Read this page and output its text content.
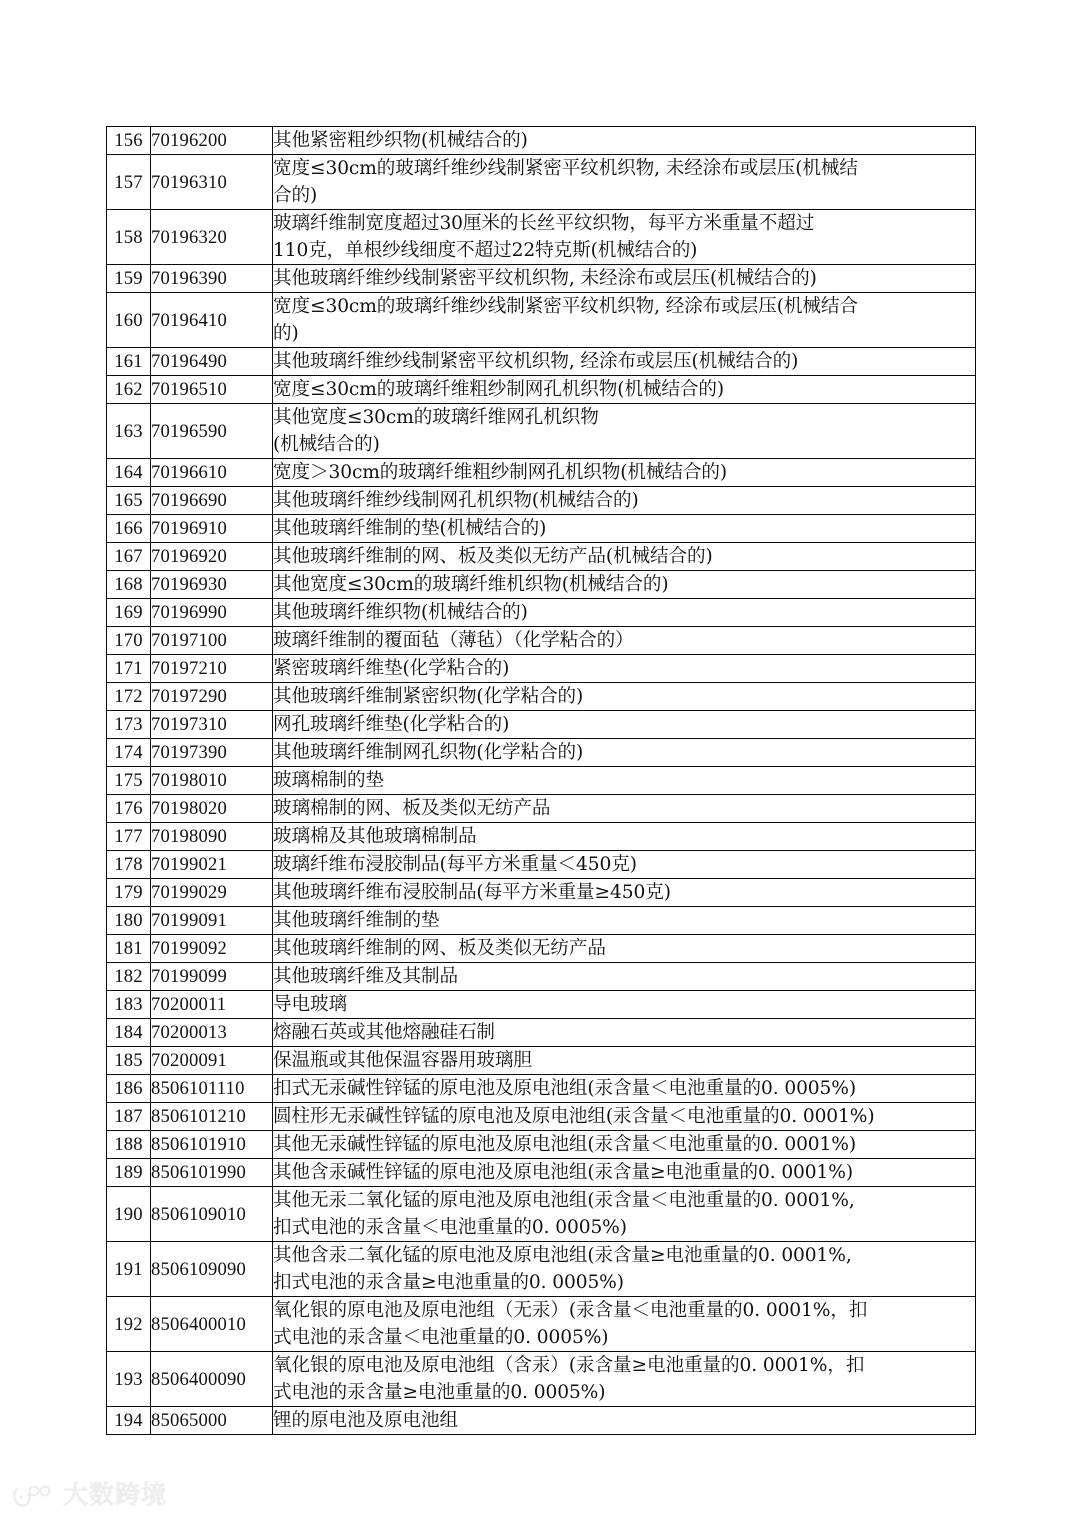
156	70196200	其他紧密粗纱织物(机械结合的)

157	70196310	宽度≤30cm的玻璃纤维纱线制紧密平纹机织物, 未经涂布或层压(机械结
合的)

158	70196320	玻璃纤维制宽度超过30厘米的长丝平纹织物，每平方米重量不超过
110克，单根纱线细度不超过22特克斯(机械结合的)

159	70196390	其他玻璃纤维纱线制紧密平纹机织物, 未经涂布或层压(机械结合的)

160	70196410	宽度≤30cm的玻璃纤维纱线制紧密平纹机织物, 经涂布或层压(机械结合
的)

161	70196490	其他玻璃纤维纱线制紧密平纹机织物, 经涂布或层压(机械结合的)

162	70196510	宽度≤30cm的玻璃纤维粗纱制网孔机织物(机械结合的)

163	70196590	其他宽度≤30cm的玻璃纤维网孔机织物
(机械结合的)

164	70196610	宽度＞30cm的玻璃纤维粗纱制网孔机织物(机械结合的)

165	70196690	其他玻璃纤维纱线制网孔机织物(机械结合的)

166	70196910	其他玻璃纤维制的垫(机械结合的)

167	70196920	其他玻璃纤维制的网、板及类似无纺产品(机械结合的)

168	70196930	其他宽度≤30cm的玻璃纤维机织物(机械结合的)

169	70196990	其他玻璃纤维织物(机械结合的)

170	70197100	玻璃纤维制的覆面毡（薄毡）（化学粘合的）

171	70197210	紧密玻璃纤维垫(化学粘合的)

172	70197290	其他玻璃纤维制紧密织物(化学粘合的)

173	70197310	网孔玻璃纤维垫(化学粘合的)

174	70197390	其他玻璃纤维制网孔织物(化学粘合的)

175	70198010	玻璃棉制的垫

176	70198020	玻璃棉制的网、板及类似无纺产品

177	70198090	玻璃棉及其他玻璃棉制品

178	70199021	玻璃纤维布浸胶制品(每平方米重量＜450克)

179	70199029	其他玻璃纤维布浸胶制品(每平方米重量≥450克)

180	70199091	其他玻璃纤维制的垫

181	70199092	其他玻璃纤维制的网、板及类似无纺产品

182	70199099	其他玻璃纤维及其制品

183	70200011	导电玻璃

184	70200013	熔融石英或其他熔融硅石制

185	70200091	保温瓶或其他保温容器用玻璃胆

186	8506101110	扣式无汞碱性锌锰的原电池及原电池组(汞含量＜电池重量的0. 0005%)

187	8506101210	圆柱形无汞碱性锌锰的原电池及原电池组(汞含量＜电池重量的0. 0001%)

188	8506101910	其他无汞碱性锌锰的原电池及原电池组(汞含量＜电池重量的0. 0001%)

189	8506101990	其他含汞碱性锌锰的原电池及原电池组(汞含量≥电池重量的0. 0001%)

190	8506109010	其他无汞二氧化锰的原电池及原电池组(汞含量＜电池重量的0. 0001%,
扣式电池的汞含量＜电池重量的0. 0005%)

191	8506109090	其他含汞二氧化锰的原电池及原电池组(汞含量≥电池重量的0. 0001%,
扣式电池的汞含量≥电池重量的0. 0005%)

192	8506400010	氧化银的原电池及原电池组（无汞）(汞含量＜电池重量的0. 0001%，扣
式电池的汞含量＜电池重量的0. 0005%)

193	8506400090	氧化银的原电池及原电池组（含汞）(汞含量≥电池重量的0. 0001%，扣
式电池的汞含量≥电池重量的0. 0005%)

194	85065000	锂的原电池及原电池组
大数跨境
